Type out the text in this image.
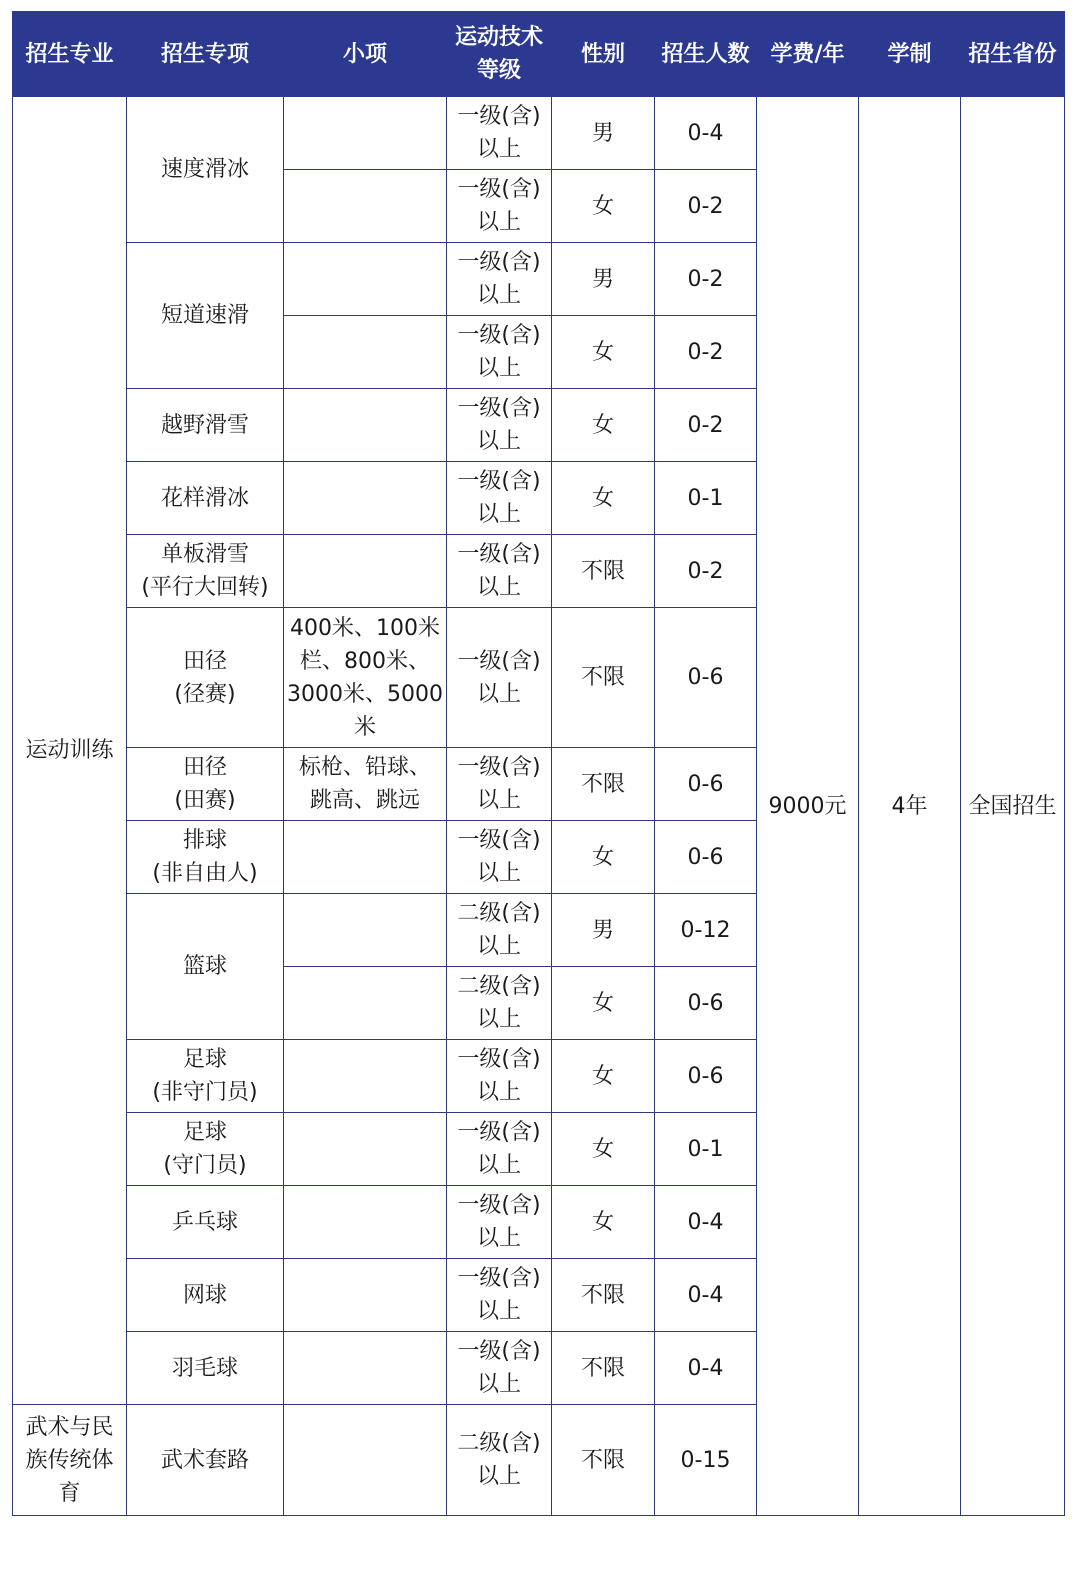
招生专业	招生专项	小项	运动技术
等级	性别	招生人数	学费/年	学制	招生省份
运动训练	速度滑冰		一级(含)
以上	男	0-4	9000元	4年	全国招生

			一级(含)
以上	女	0-2			

	短道速滑		一级(含)
以上	男	0-2			

			一级(含)
以上	女	0-2			

	越野滑雪		一级(含)
以上	女	0-2			

	花样滑冰		一级(含)
以上	女	0-1			

	单板滑雪
(平行大回转)		一级(含)
以上	不限	0-2			

	田径
(径赛)	400米、100米
栏、800米、
3000米、5000
米	一级(含)
以上	不限	0-6			

	田径
(田赛)	标枪、铅球、
跳高、跳远	一级(含)
以上	不限	0-6			

	排球
(非自由人)		一级(含)
以上	女	0-6			

	篮球		二级(含)
以上	男	0-12			

			二级(含)
以上	女	0-6			

	足球
(非守门员)		一级(含)
以上	女	0-6			

	足球
(守门员)		一级(含)
以上	女	0-1			

	乒乓球		一级(含)
以上	女	0-4			

	网球		一级(含)
以上	不限	0-4			

	羽毛球		一级(含)
以上	不限	0-4			

武术与民
族传统体
育	武术套路		二级(含)
以上	不限	0-15			
